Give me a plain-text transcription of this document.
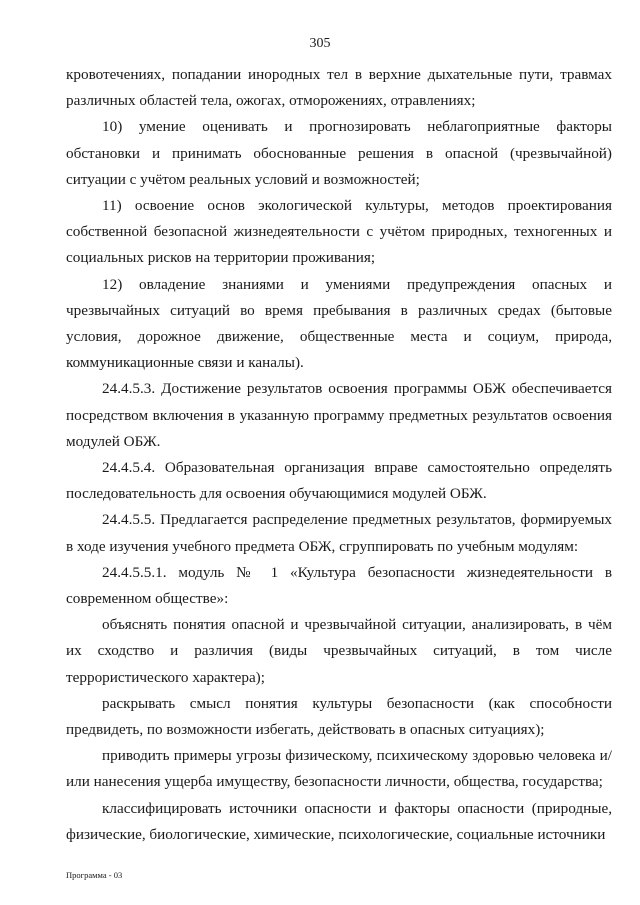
305

кровотечениях, попадании инородных тел в верхние дыхательные пути, травмах различных областей тела, ожогах, отморожениях, отравлениях;

10) умение оценивать и прогнозировать неблагоприятные факторы обстановки и принимать обоснованные решения в опасной (чрезвычайной) ситуации с учётом реальных условий и возможностей;

11) освоение основ экологической культуры, методов проектирования собственной безопасной жизнедеятельности с учётом природных, техногенных и социальных рисков на территории проживания;

12) овладение знаниями и умениями предупреждения опасных и чрезвычайных ситуаций во время пребывания в различных средах (бытовые условия, дорожное движение, общественные места и социум, природа, коммуникационные связи и каналы).

24.4.5.3. Достижение результатов освоения программы ОБЖ обеспечивается посредством включения в указанную программу предметных результатов освоения модулей ОБЖ.

24.4.5.4. Образовательная организация вправе самостоятельно определять последовательность для освоения обучающимися модулей ОБЖ.

24.4.5.5. Предлагается распределение предметных результатов, формируемых в ходе изучения учебного предмета ОБЖ, сгруппировать по учебным модулям:

24.4.5.5.1. модуль № 1 «Культура безопасности жизнедеятельности в современном обществе»:

объяснять понятия опасной и чрезвычайной ситуации, анализировать, в чём их сходство и различия (виды чрезвычайных ситуаций, в том числе террористического характера);

раскрывать смысл понятия культуры безопасности (как способности предвидеть, по возможности избегать, действовать в опасных ситуациях);

приводить примеры угрозы физическому, психическому здоровью человека и/или нанесения ущерба имуществу, безопасности личности, общества, государства;

классифицировать источники опасности и факторы опасности (природные, физические, биологические, химические, психологические, социальные источники

Программа - 03
